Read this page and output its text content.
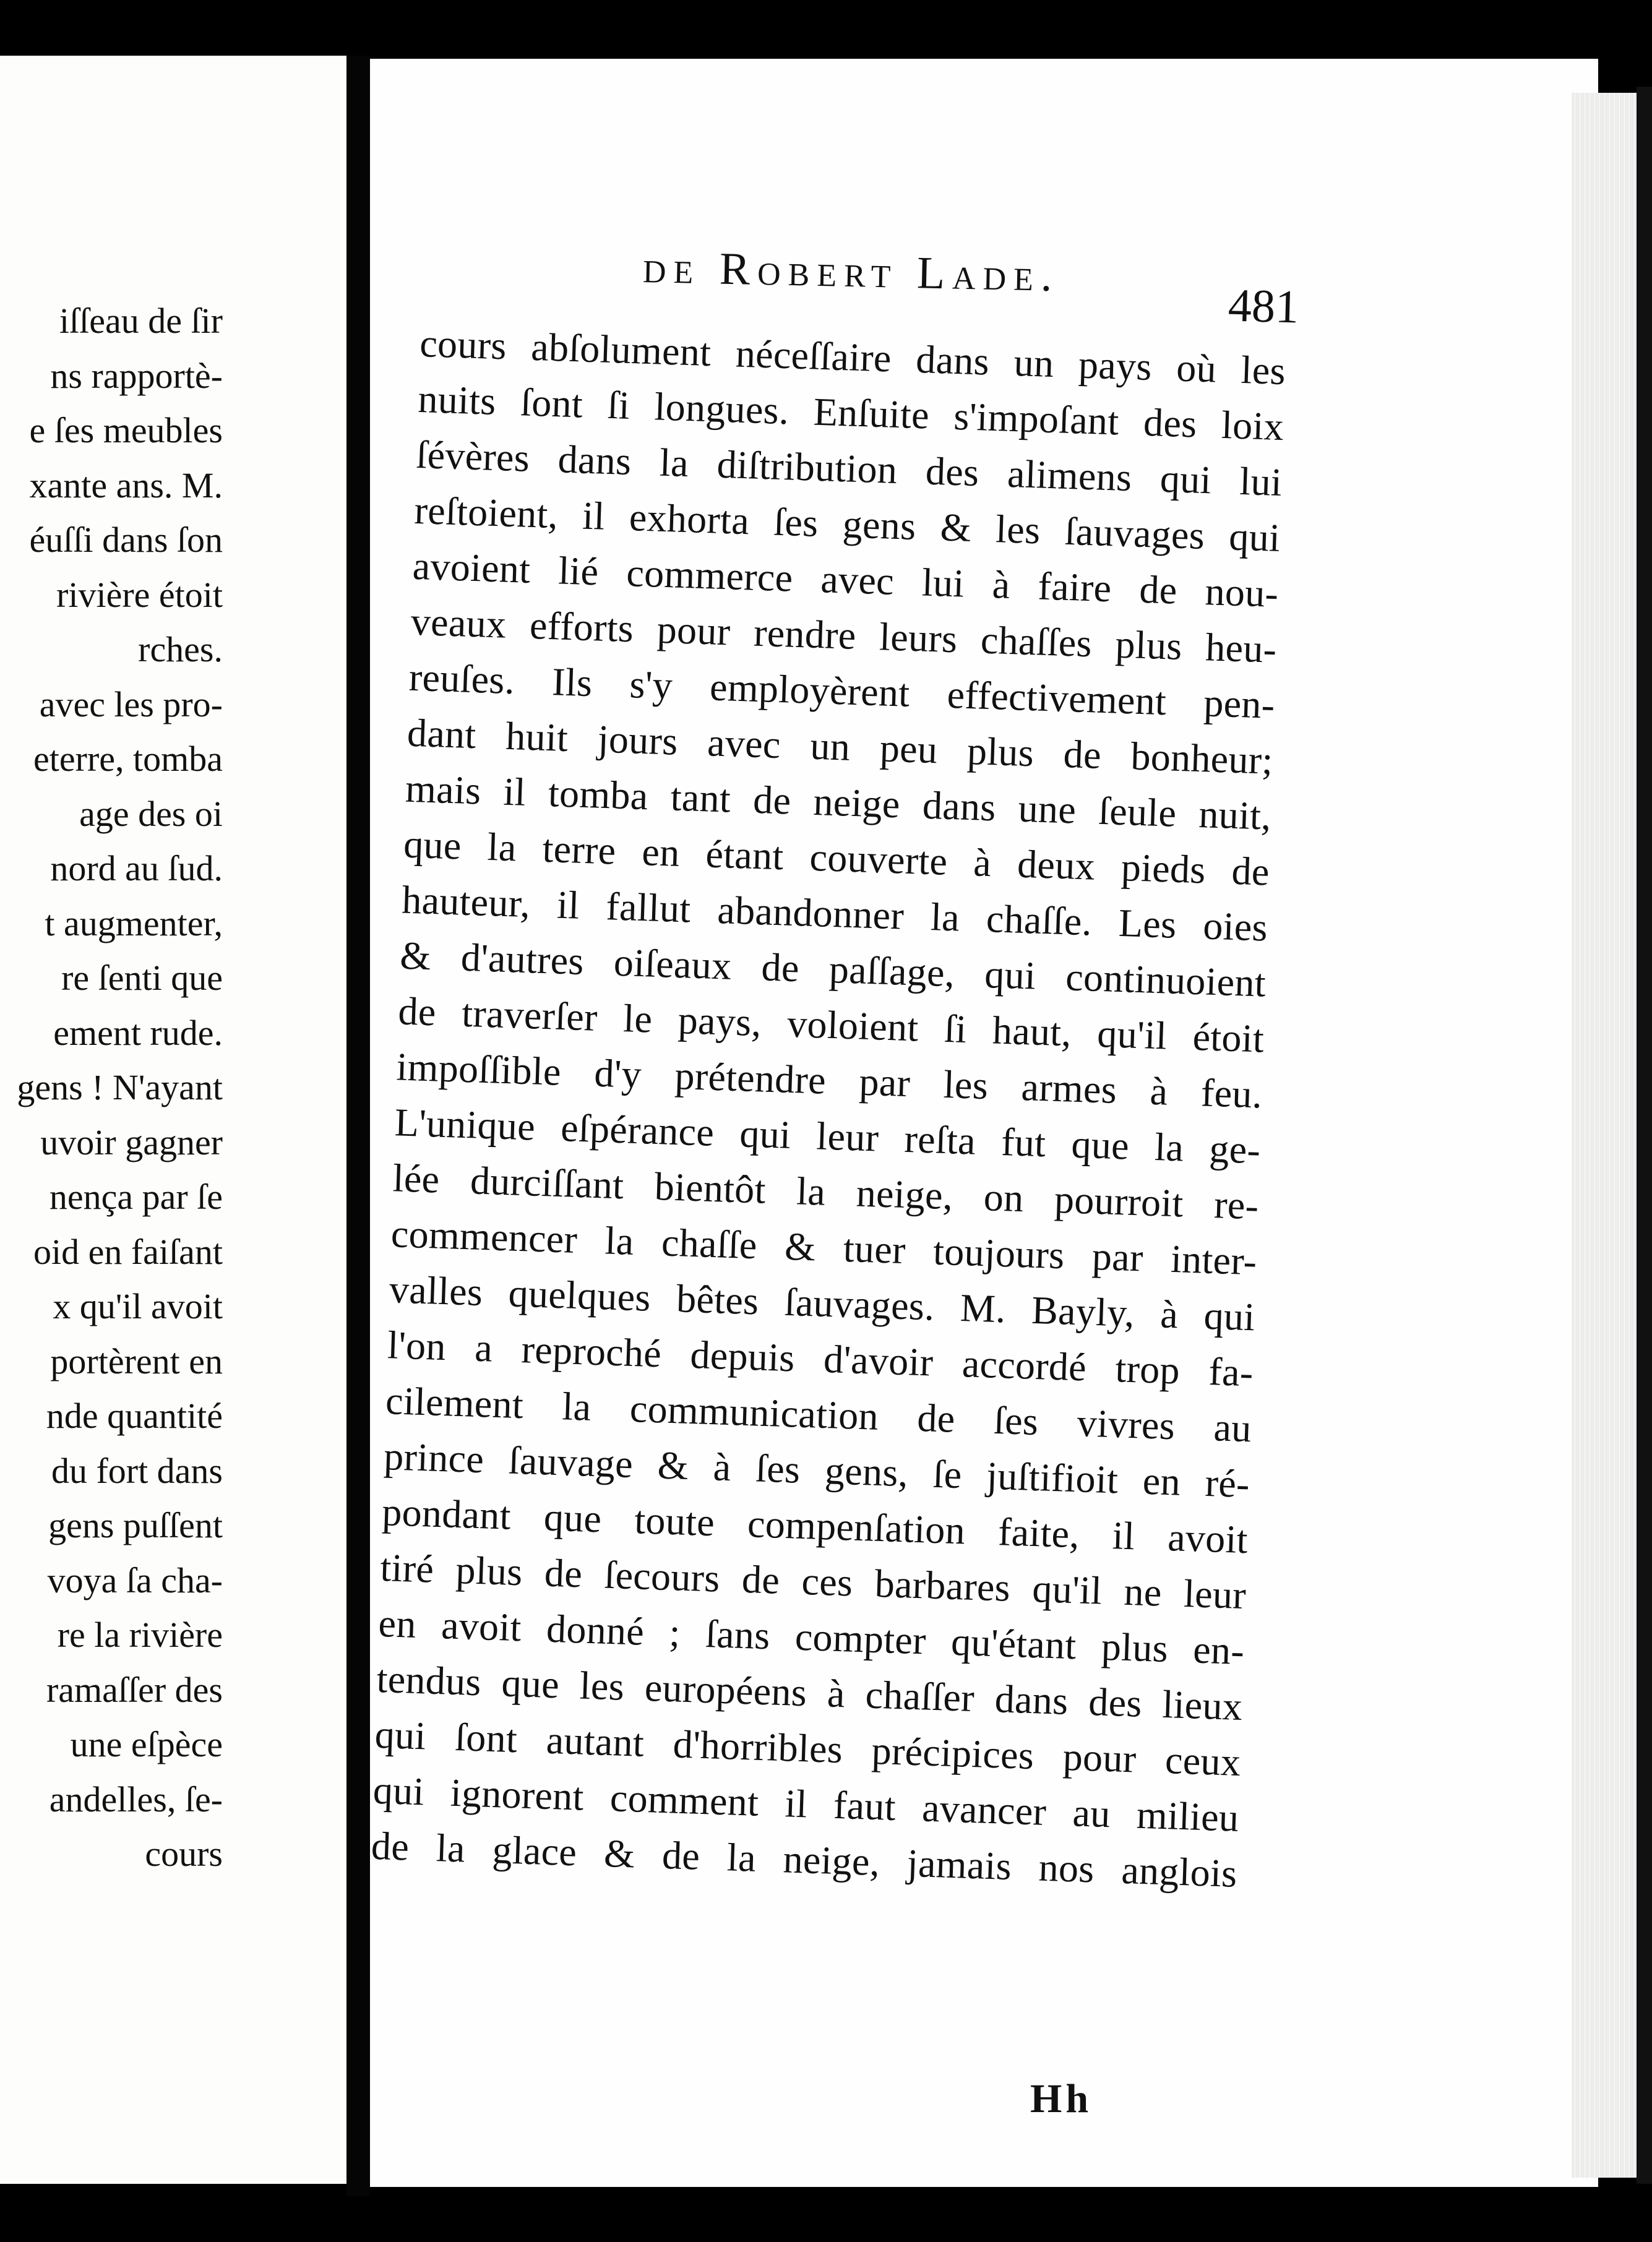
iſſeau de ſir
ns rapportè-
e ſes meubles
xante ans. M.
éuſſi dans ſon
rivière étoit
rches.
avec les pro-
eterre, tomba
age des oi
nord au ſud.
t augmenter,
re ſenti que
ement rude.
gens ! N'ayant
uvoir gagner
nença par ſe
oid en faiſant
x qu'il avoit
portèrent en
nde quantité
du fort dans
gens puſſent
voya ſa cha-
re la rivière
ramaſſer des
une eſpèce
andelles, ſe-
cours
de Robert Lade.
481
cours abſolument néceſſaire dans un pays où les
nuits ſont ſi longues. Enſuite s'impoſant des loix
ſévères dans la diſtribution des alimens qui lui
reſtoient, il exhorta ſes gens & les ſauvages qui
avoient lié commerce avec lui à faire de nou-
veaux efforts pour rendre leurs chaſſes plus heu-
reuſes. Ils s'y employèrent effectivement pen-
dant huit jours avec un peu plus de bonheur;
mais il tomba tant de neige dans une ſeule nuit,
que la terre en étant couverte à deux pieds de
hauteur, il fallut abandonner la chaſſe. Les oies
& d'autres oiſeaux de paſſage, qui continuoient
de traverſer le pays, voloient ſi haut, qu'il étoit
impoſſible d'y prétendre par les armes à feu.
L'unique eſpérance qui leur reſta fut que la ge-
lée durciſſant bientôt la neige, on pourroit re-
commencer la chaſſe & tuer toujours par inter-
valles quelques bêtes ſauvages. M. Bayly, à qui
l'on a reproché depuis d'avoir accordé trop fa-
cilement la communication de ſes vivres au
prince ſauvage & à ſes gens, ſe juſtifioit en ré-
pondant que toute compenſation faite, il avoit
tiré plus de ſecours de ces barbares qu'il ne leur
en avoit donné ; ſans compter qu'étant plus en-
tendus que les européens à chaſſer dans des lieux
qui ſont autant d'horribles précipices pour ceux
qui ignorent comment il faut avancer au milieu
de la glace & de la neige, jamais nos anglois
Hh
